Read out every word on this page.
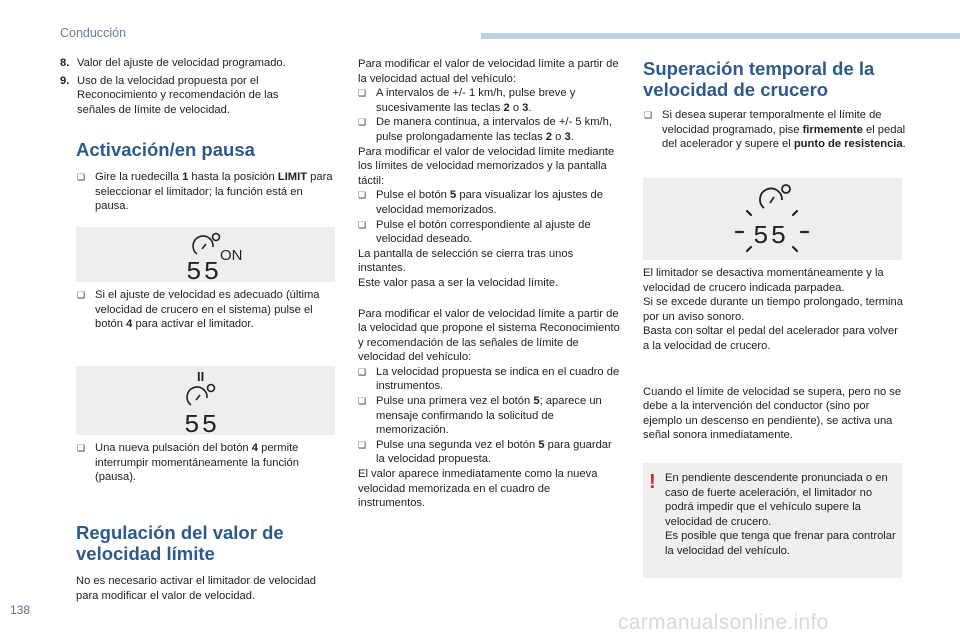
Conducción
8. Valor del ajuste de velocidad programado.
9. Uso de la velocidad propuesta por el Reconocimiento y recomendación de las señales de límite de velocidad.
Activación/en pausa
❑ Gire la ruedecilla 1 hasta la posición LIMIT para seleccionar el limitador; la función está en pausa.
55
ON
❑ Si el ajuste de velocidad es adecuado (última velocidad de crucero en el sistema) pulse el botón 4 para activar el limitador.
II
55
❑ Una nueva pulsación del botón 4 permite interrumpir momentáneamente la función (pausa).
Regulación del valor de velocidad límite
No es necesario activar el limitador de velocidad para modificar el valor de velocidad.

Para modificar el valor de velocidad límite a partir de la velocidad actual del vehículo:

❑ A intervalos de +/- 1 km/h, pulse breve y sucesivamente las teclas 2 o 3.
❑ De manera continua, a intervalos de +/- 5 km/h, pulse prolongadamente las teclas 2 o 3.

Para modificar el valor de velocidad límite mediante los límites de velocidad memorizados y la pantalla táctil:

❑ Pulse el botón 5 para visualizar los ajustes de velocidad memorizados.
❑ Pulse el botón correspondiente al ajuste de velocidad deseado.

La pantalla de selección se cierra tras unos instantes.

Este valor pasa a ser la velocidad límite.

Para modificar el valor de velocidad límite a partir de la velocidad que propone el sistema Reconocimiento y recomendación de las señales de límite de velocidad del vehículo:

❑ La velocidad propuesta se indica en el cuadro de instrumentos.
❑ Pulse una primera vez el botón 5; aparece un mensaje confirmando la solicitud de memorización.
❑ Pulse una segunda vez el botón 5 para guardar la velocidad propuesta.

El valor aparece inmediatamente como la nueva velocidad memorizada en el cuadro de instrumentos.

Superación temporal de la velocidad de crucero
❑ Si desea superar temporalmente el límite de velocidad programado, pise firmemente el pedal del acelerador y supere el punto de resistencia.
55

El limitador se desactiva momentáneamente y la velocidad de crucero indicada parpadea.

Si se excede durante un tiempo prolongado, termina por un aviso sonoro.

Basta con soltar el pedal del acelerador para volver a la velocidad de crucero.

Cuando el límite de velocidad se supera, pero no se debe a la intervención del conductor (sino por ejemplo un descenso en pendiente), se activa una señal sonora inmediatamente.

! En pendiente descendente pronunciada o en caso de fuerte aceleración, el limitador no podrá impedir que el vehículo supere la velocidad de crucero.

Es posible que tenga que frenar para controlar la velocidad del vehículo.

138
carmanualsonline.info
